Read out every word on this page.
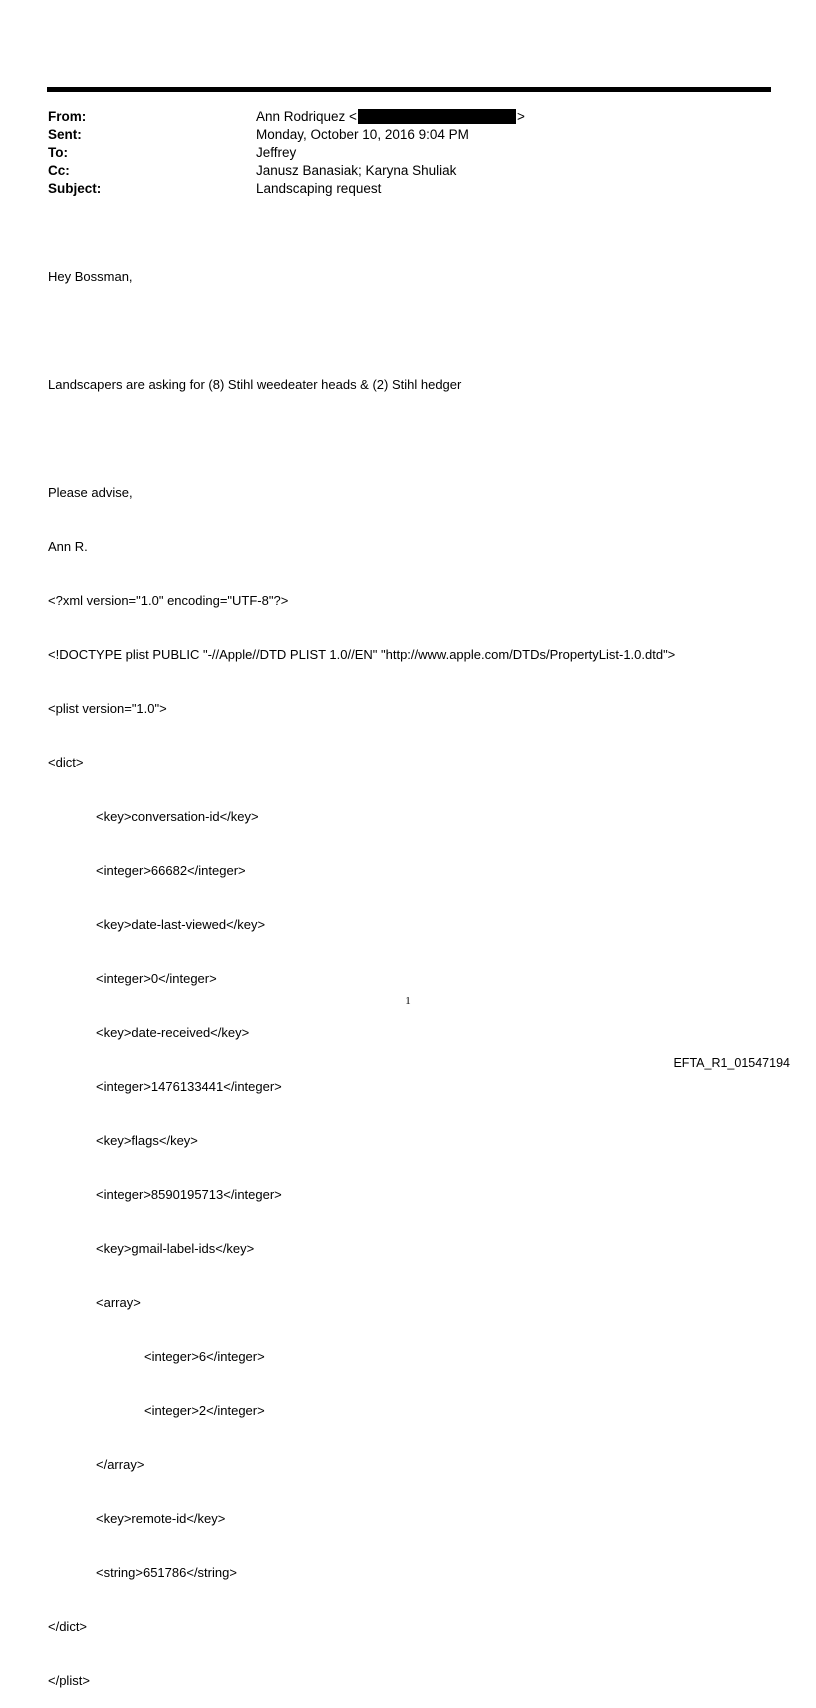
From:	Ann Rodriquez <	>
Sent:	Monday, October 10, 2016 9:04 PM
To:	Jeffrey
Cc:	Janusz Banasiak; Karyna Shuliak
Subject:	Landscaping request

Hey Bossman,

Landscapers are asking for (8) Stihl weedeater heads & (2) Stihl hedger

Please advise,

Ann R.

<?xml version="1.0" encoding="UTF-8"?>

<!DOCTYPE plist PUBLIC "-//Apple//DTD PLIST 1.0//EN" "http://www.apple.com/DTDs/PropertyList-1.0.dtd">

<plist version="1.0">

<dict>

<key>conversation-id</key>

<integer>66682</integer>

<key>date-last-viewed</key>

<integer>0</integer>

<key>date-received</key>

<integer>1476133441</integer>

<key>flags</key>

<integer>8590195713</integer>

<key>gmail-label-ids</key>

<array>

<integer>6</integer>

<integer>2</integer>

</array>

<key>remote-id</key>

<string>651786</string>

</dict>

</plist>

1
EFTA_R1_01547194
